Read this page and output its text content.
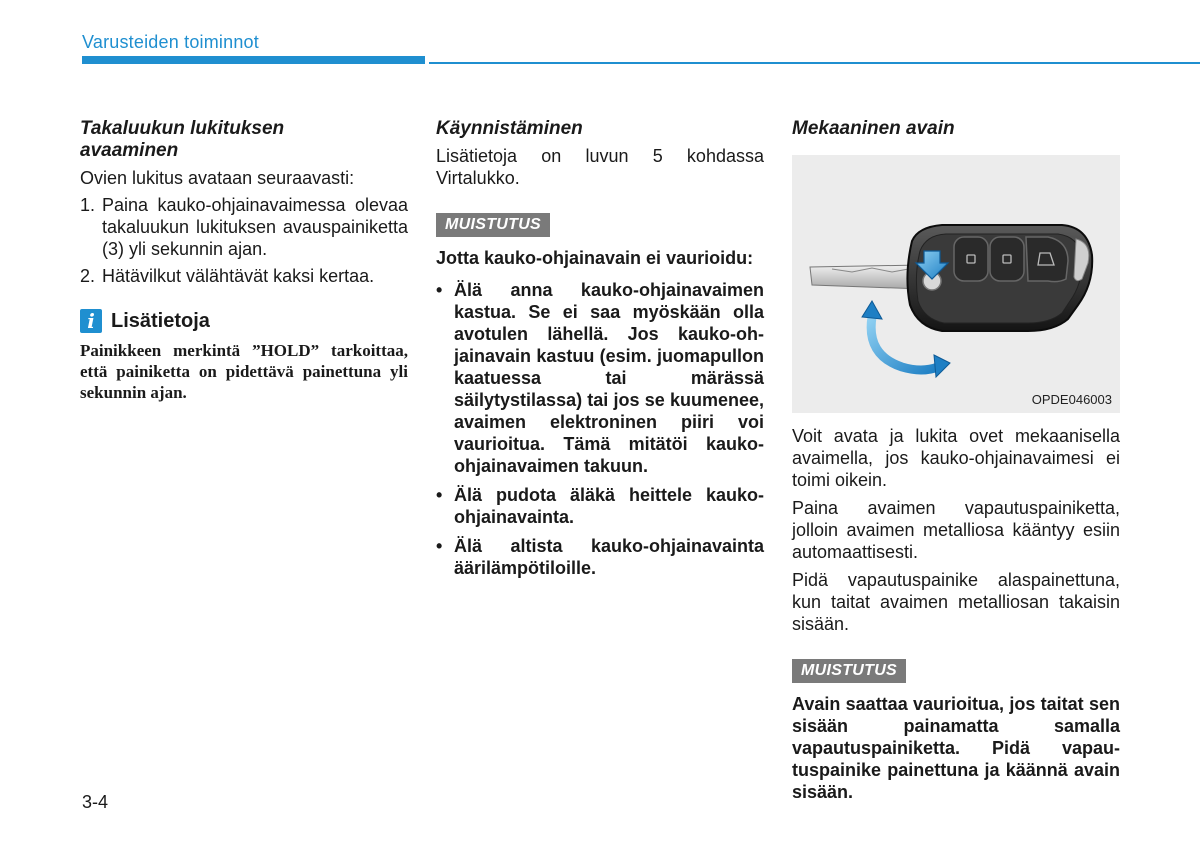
Varusteiden toiminnot
Takaluukun lukituksen
avaaminen

Ovien lukitus avataan seuraavasti:

1. Paina kauko-ohjainavaimessa olevaa takaluukun lukituksen avauspainiketta (3) yli sekunnin ajan.
2. Hätävilkut välähtävät kaksi kertaa.
i Lisätietoja
Painikkeen merkintä ”HOLD” tarkoittaa, että painiketta on pidettävä painettuna yli sekunnin ajan.
Käynnistäminen

Lisätietoja on luvun 5 kohdassa Virtalukko.

MUISTUTUS

Jotta kauko-ohjainavain ei vaurioidu:

• Älä anna kauko-ohjainavaimen kastua. Se ei saa myöskään olla avotulen lähellä. Jos kauko-ohjainavain kastuu (esim. juomapullon kaatuessa tai märässä säilytystilassa) tai jos se kuumenee, avaimen elektroninen piiri voi vaurioitua. Tämä mitätöi kauko-ohjainavaimen takuun.
• Älä pudota äläkä heittele kauko-ohjainavainta.
• Älä altista kauko-ohjainavainta äärilämpötiloille.
Mekaaninen avain
OPDE046003

Voit avata ja lukita ovet mekaanisella avaimella, jos kauko-ohjainavaimesi ei toimi oikein.

Paina avaimen vapautuspainiketta, jolloin avaimen metalliosa kääntyy esiin automaattisesti.

Pidä vapautuspainike alaspainettuna, kun taitat avaimen metalliosan takaisin sisään.

MUISTUTUS

Avain saattaa vaurioitua, jos taitat sen sisään painamatta samalla vapautuspainiketta. Pidä vapautuspainike painettuna ja käännä avain sisään.

3-4
